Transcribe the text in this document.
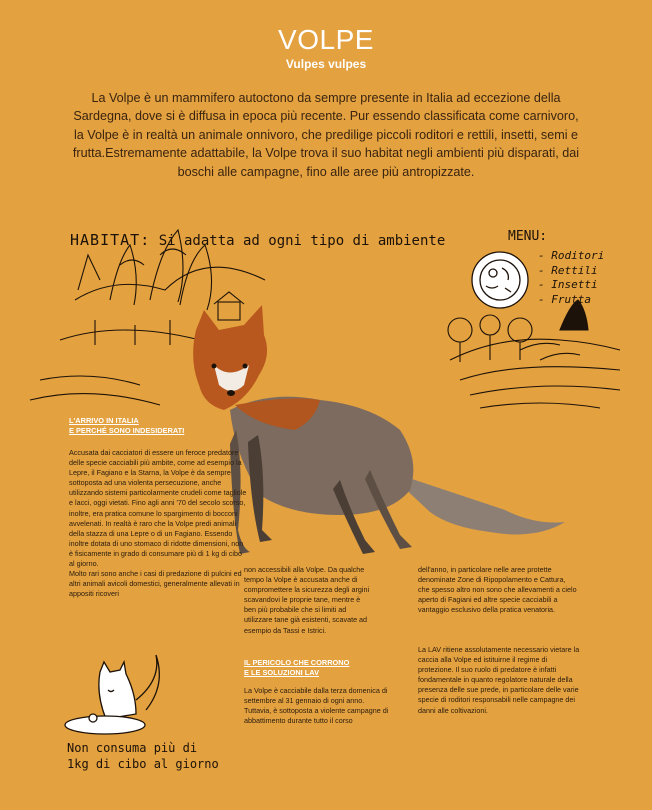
VOLPE
Vulpes vulpes
La Volpe è un mammifero autoctono da sempre presente in Italia ad eccezione della Sardegna, dove si è diffusa in epoca più recente. Pur essendo classificata come carnivoro, la Volpe è in realtà un animale onnivoro, che predilige piccoli roditori e rettili, insetti, semi e frutta.Estremamente adattabile, la Volpe trova il suo habitat negli ambienti più disparati, dai boschi alle campagne, fino alle aree più antropizzate.
HABITAT: Si adatta ad ogni tipo di ambiente	MENU:
- Roditori
- Rettili
- Insetti
- Frutta
L'ARRIVO IN ITALIA
E PERCHÉ SONO INDESIDERATI

Accusata dai cacciatori di essere un feroce predatore delle specie cacciabili più ambite, come ad esempio la Lepre, il Fagiano e la Starna, la Volpe è da sempre sottoposta ad una violenta persecuzione, anche utilizzando sistemi particolarmente crudeli come tagliole e lacci, oggi vietati. Fino agli anni '70 del secolo scorso, inoltre, era pratica comune lo spargimento di bocconi avvelenati. In realtà è raro che la Volpe predi animali della stazza di una Lepre o di un Fagiano. Essendo inoltre dotata di uno stomaco di ridotte dimensioni, non è fisicamente in grado di consumare più di 1 kg di cibo al giorno.

Molto rari sono anche i casi di predazione di pulcini ed altri animali avicoli domestici, generalmente allevati in appositi ricoveri

non accessibili alla Volpe. Da qualche tempo la Volpe è accusata anche di compromettere la sicurezza degli argini scavandovi le proprie tane, mentre è ben più probabile che si limiti ad utilizzare tane già esistenti, scavate ad esempio da Tassi e Istrici.

IL PERICOLO CHE CORRONO
E LE SOLUZIONI LAV

La Volpe è cacciabile dalla terza domenica di settembre al 31 gennaio di ogni anno. Tuttavia, è sottoposta a violente campagne di abbattimento durante tutto il corso

dell'anno, in particolare nelle aree protette denominate Zone di Ripopolamento e Cattura, che spesso altro non sono che allevamenti a cielo aperto di Fagiani ed altre specie cacciabili a vantaggio esclusivo della pratica venatoria.

La LAV ritiene assolutamente necessario vietare la caccia alla Volpe ed istituirne il regime di protezione. Il suo ruolo di predatore è infatti fondamentale in quanto regolatore naturale della presenza delle sue prede, in particolare delle varie specie di roditori responsabili nelle campagne dei danni alle coltivazioni.

Non consuma più di
1kg di cibo al giorno
